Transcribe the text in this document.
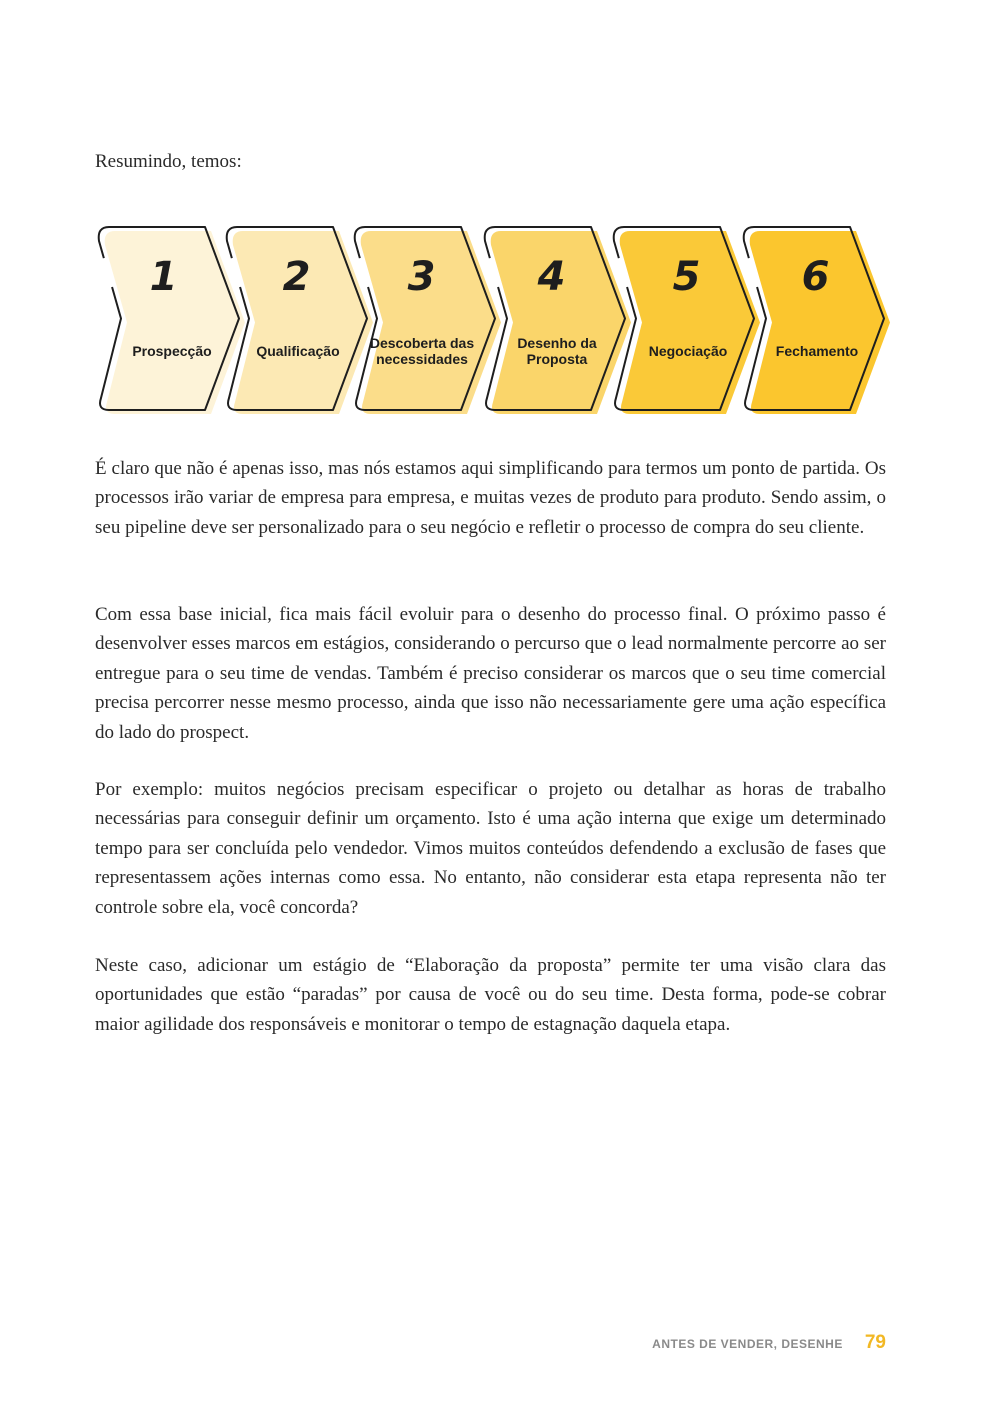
Resumindo, temos:

1
Prospecção
2
Qualificação
3
Descoberta das necessidades
4
Desenho da Proposta
5
Negociação
6
Fechamento

É claro que não é apenas isso, mas nós estamos aqui simplificando para termos um ponto de partida. Os processos irão variar de empresa para empresa, e muitas vezes de produto para produto. Sendo assim, o seu pipeline deve ser personalizado para o seu negócio e refletir o processo de compra do seu cliente.

Com essa base inicial, fica mais fácil evoluir para o desenho do processo final. O próximo passo é desenvolver esses marcos em estágios, considerando o percurso que o lead normalmente percorre ao ser entregue para o seu time de vendas. Também é preciso considerar os marcos que o seu time comercial precisa percorrer nesse mesmo processo, ainda que isso não necessariamente gere uma ação específica do lado do prospect.

Por exemplo: muitos negócios precisam especificar o projeto ou detalhar as horas de trabalho necessárias para conseguir definir um orçamento. Isto é uma ação interna que exige um determinado tempo para ser concluída pelo vendedor. Vimos muitos conteúdos defendendo a exclusão de fases que representassem ações internas como essa. No entanto, não considerar esta etapa representa não ter controle sobre ela, você concorda?

Neste caso, adicionar um estágio de “Elaboração da proposta” permite ter uma visão clara das oportunidades que estão “paradas” por causa de você ou do seu time. Desta forma, pode-se cobrar maior agilidade dos responsáveis e monitorar o tempo de estagnação daquela etapa.

ANTES DE VENDER, DESENHE 79
